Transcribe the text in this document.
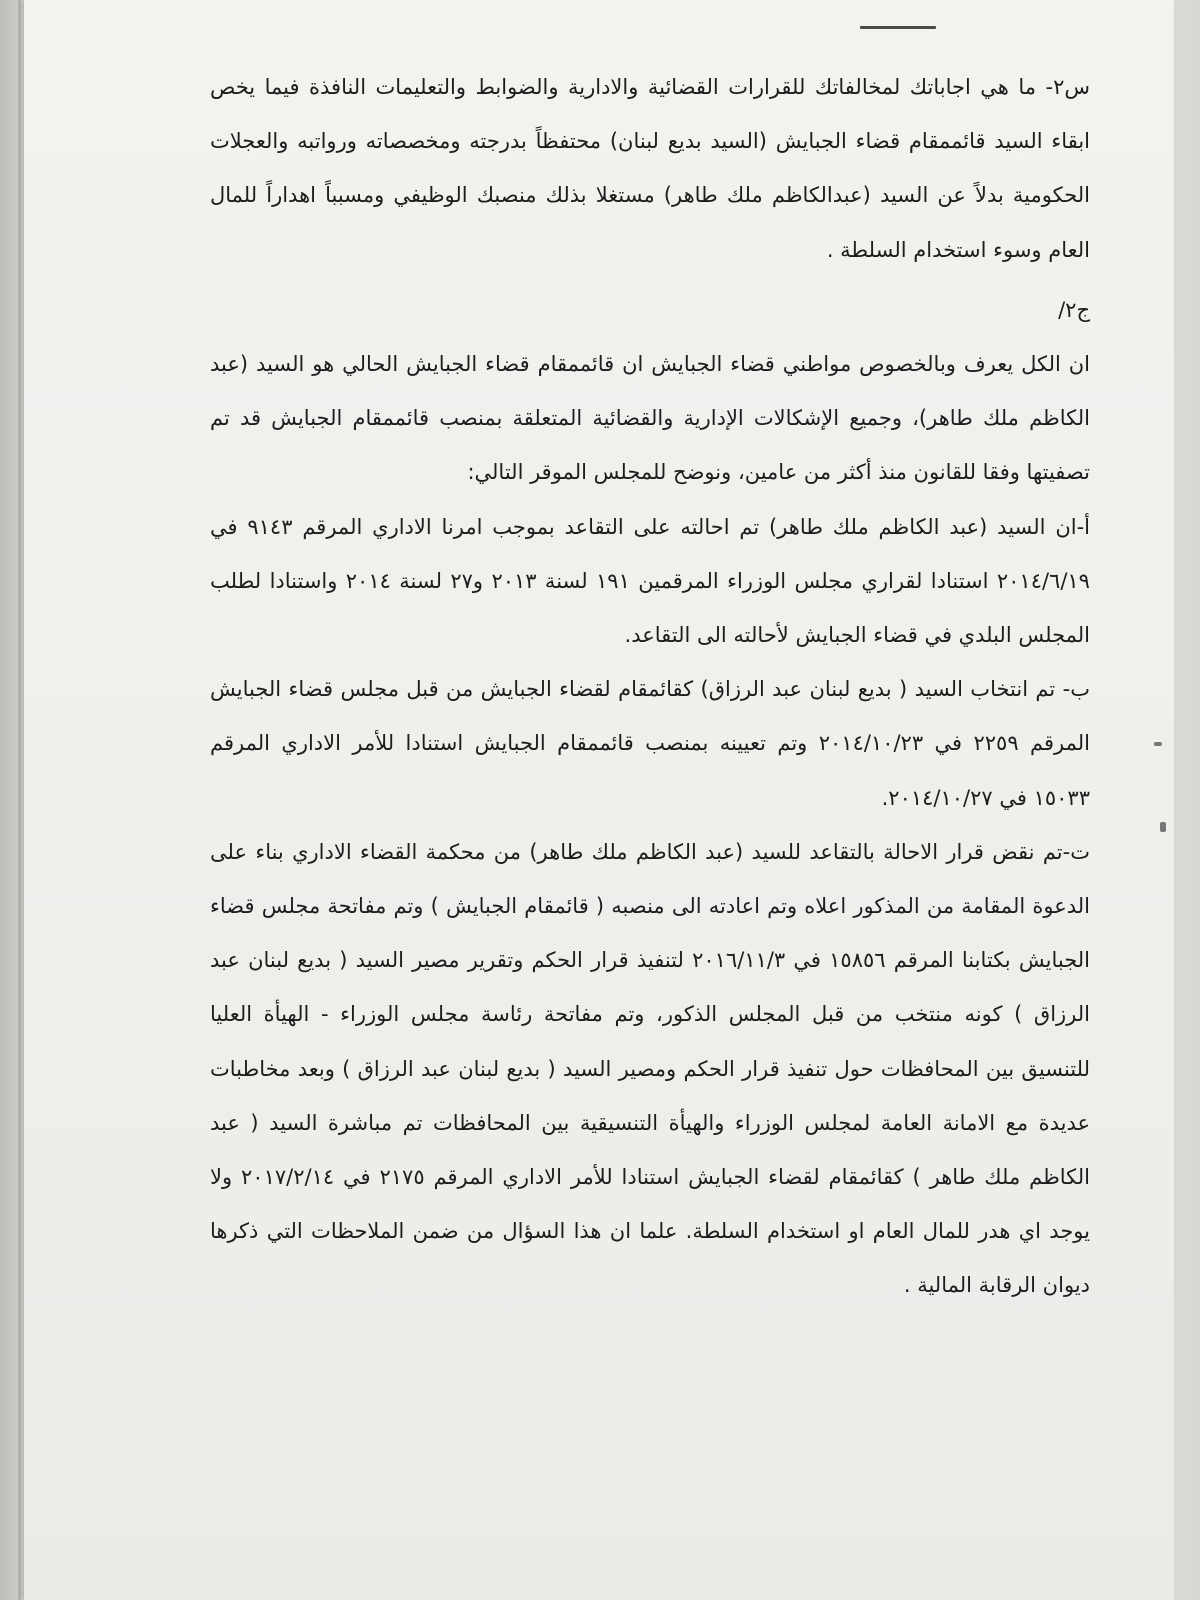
س٢- ما هي اجاباتك لمخالفاتك للقرارات القضائية والادارية والضوابط والتعليمات النافذة فيما يخص ابقاء السيد قائممقام قضاء الجبايش (السيد بديع لبنان) محتفظاً بدرجته ومخصصاته ورواتبه والعجلات الحكومية بدلاً عن السيد (عبدالكاظم ملك طاهر) مستغلا بذلك منصبك الوظيفي ومسبباً اهداراً للمال العام وسوء استخدام السلطة .

ج٢/

ان الكل يعرف وبالخصوص مواطني قضاء الجبايش ان قائممقام قضاء الجبايش الحالي هو السيد (عبد الكاظم ملك طاهر)، وجميع الإشكالات الإدارية والقضائية المتعلقة بمنصب قائممقام الجبايش قد تم تصفيتها وفقا للقانون منذ أكثر من عامين، ونوضح للمجلس الموقر التالي:

أ-ان السيد (عبد الكاظم ملك طاهر) تم احالته على التقاعد بموجب امرنا الاداري المرقم ٩١٤٣ في ٢٠١٤/٦/١٩ استنادا لقراري مجلس الوزراء المرقمين ١٩١ لسنة ٢٠١٣ و٢٧ لسنة ٢٠١٤ واستنادا لطلب المجلس البلدي في قضاء الجبايش لأحالته الى التقاعد.

ب- تم انتخاب السيد ( بديع لبنان عبد الرزاق) كقائمقام لقضاء الجبايش من قبل مجلس قضاء الجبايش المرقم ٢٢٥٩ في ٢٠١٤/١٠/٢٣ وتم تعيينه بمنصب قائممقام الجبايش استنادا للأمر الاداري المرقم ١٥٠٣٣ في ٢٠١٤/١٠/٢٧.

ت-تم نقض قرار الاحالة بالتقاعد للسيد (عبد الكاظم ملك طاهر) من محكمة القضاء الاداري بناء على الدعوة المقامة من المذكور اعلاه وتم اعادته الى منصبه ( قائمقام الجبايش ) وتم مفاتحة مجلس قضاء الجبايش بكتابنا المرقم ١٥٨٥٦ في ٢٠١٦/١١/٣ لتنفيذ قرار الحكم وتقرير مصير السيد ( بديع لبنان عبد الرزاق ) كونه منتخب من قبل المجلس الذكور، وتم مفاتحة رئاسة مجلس الوزراء - الهيأة العليا للتنسيق بين المحافظات حول تنفيذ قرار الحكم ومصير السيد ( بديع لبنان عبد الرزاق ) وبعد مخاطبات عديدة مع الامانة العامة لمجلس الوزراء والهيأة التنسيقية بين المحافظات تم مباشرة السيد ( عبد الكاظم ملك طاهر ) كقائمقام لقضاء الجبايش استنادا للأمر الاداري المرقم ٢١٧٥ في ٢٠١٧/٢/١٤ ولا يوجد اي هدر للمال العام او استخدام السلطة. علما ان هذا السؤال من ضمن الملاحظات التي ذكرها ديوان الرقابة المالية .
